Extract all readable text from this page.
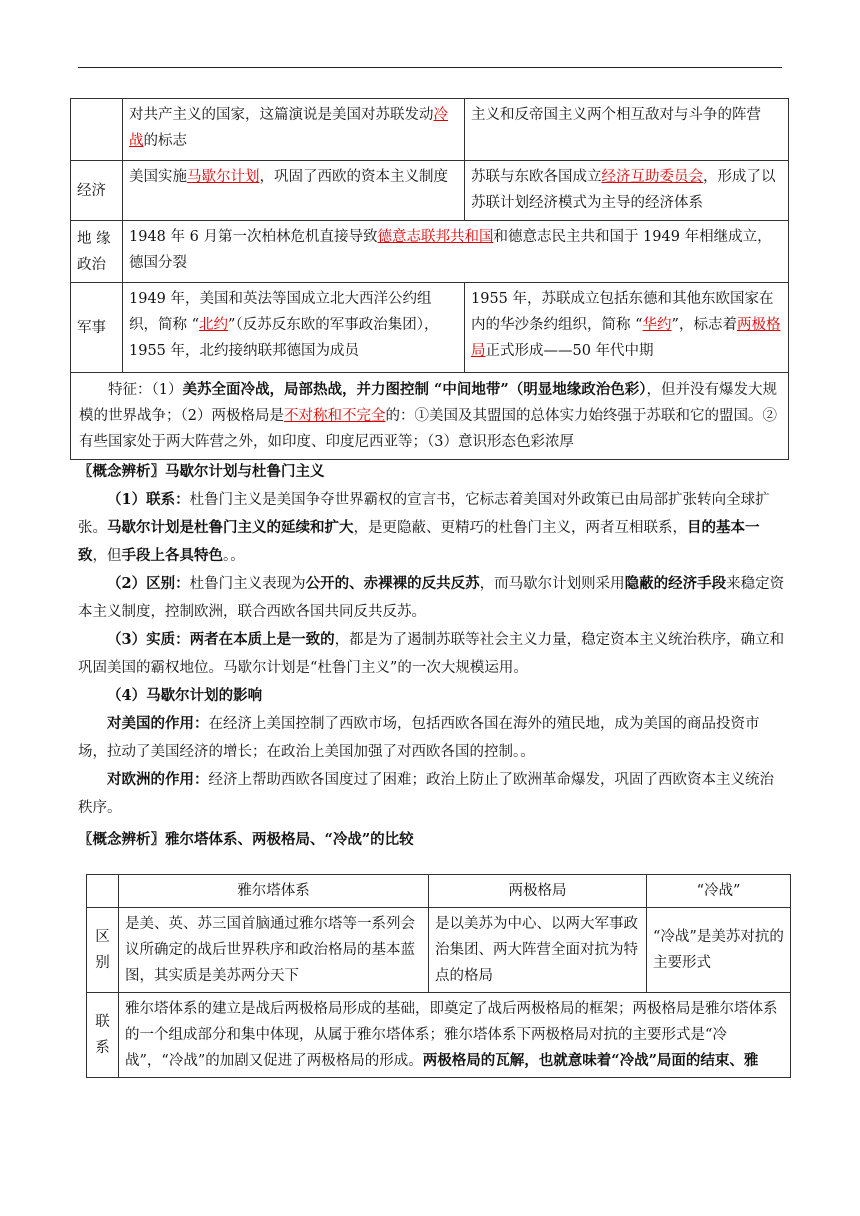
	对共产主义的国家，这篇演说是美国对苏联发动冷战的标志	主义和反帝国主义两个相互敌对与斗争的阵营
经济	美国实施马歇尔计划，巩固了西欧的资本主义制度	苏联与东欧各国成立经济互助委员会，形成了以苏联计划经济模式为主导的经济体系
地 缘 政治	1948 年 6 月第一次柏林危机直接导致德意志联邦共和国和德意志民主共和国于 1949 年相继成立，德国分裂	
军事	1949 年，美国和英法等国成立北大西洋公约组织，简称 “北约”（反苏反东欧的军事政治集团），1955 年，北约接纳联邦德国为成员	1955 年，苏联成立包括东德和其他东欧国家在内的华沙条约组织，简称 “华约”，标志着两极格局正式形成——50 年代中期
特征：（1）美苏全面冷战，局部热战，并力图控制 “中间地带”（明显地缘政治色彩），但并没有爆发大规模的世界战争；（2）两极格局是不对称和不完全的：①美国及其盟国的总体实力始终强于苏联和它的盟国。②有些国家处于两大阵营之外，如印度、印度尼西亚等；（3）意识形态色彩浓厚		
〖概念辨析〗马歇尔计划与杜鲁门主义
（1）联系：杜鲁门主义是美国争夺世界霸权的宣言书，它标志着美国对外政策已由局部扩张转向全球扩张。马歇尔计划是杜鲁门主义的延续和扩大，是更隐蔽、更精巧的杜鲁门主义，两者互相联系，目的基本一致，但手段上各具特色。。
（2）区别：杜鲁门主义表现为公开的、赤裸裸的反共反苏，而马歇尔计划则采用隐蔽的经济手段来稳定资本主义制度，控制欧洲，联合西欧各国共同反共反苏。
（3）实质：两者在本质上是一致的，都是为了遏制苏联等社会主义力量，稳定资本主义统治秩序，确立和巩固美国的霸权地位。马歇尔计划是“杜鲁门主义”的一次大规模运用。
（4）马歇尔计划的影响
对美国的作用：在经济上美国控制了西欧市场，包括西欧各国在海外的殖民地，成为美国的商品投资市场，拉动了美国经济的增长；在政治上美国加强了对西欧各国的控制。。
对欧洲的作用：经济上帮助西欧各国度过了困难；政治上防止了欧洲革命爆发，巩固了西欧资本主义统治秩序。
〖概念辨析〗雅尔塔体系、两极格局、“冷战”的比较
	雅尔塔体系	两极格局	“冷战”
区 别	是美、英、苏三国首脑通过雅尔塔等一系列会议所确定的战后世界秩序和政治格局的基本蓝图，其实质是美苏两分天下	是以美苏为中心、以两大军事政治集团、两大阵营全面对抗为特点的格局	“冷战”是美苏对抗的主要形式
联 系	雅尔塔体系的建立是战后两极格局形成的基础，即奠定了战后两极格局的框架；两极格局是雅尔塔体系的一个组成部分和集中体现，从属于雅尔塔体系；雅尔塔体系下两极格局对抗的主要形式是“冷战”，“冷战”的加剧又促进了两极格局的形成。两极格局的瓦解，也就意味着“冷战”局面的结束、雅		
